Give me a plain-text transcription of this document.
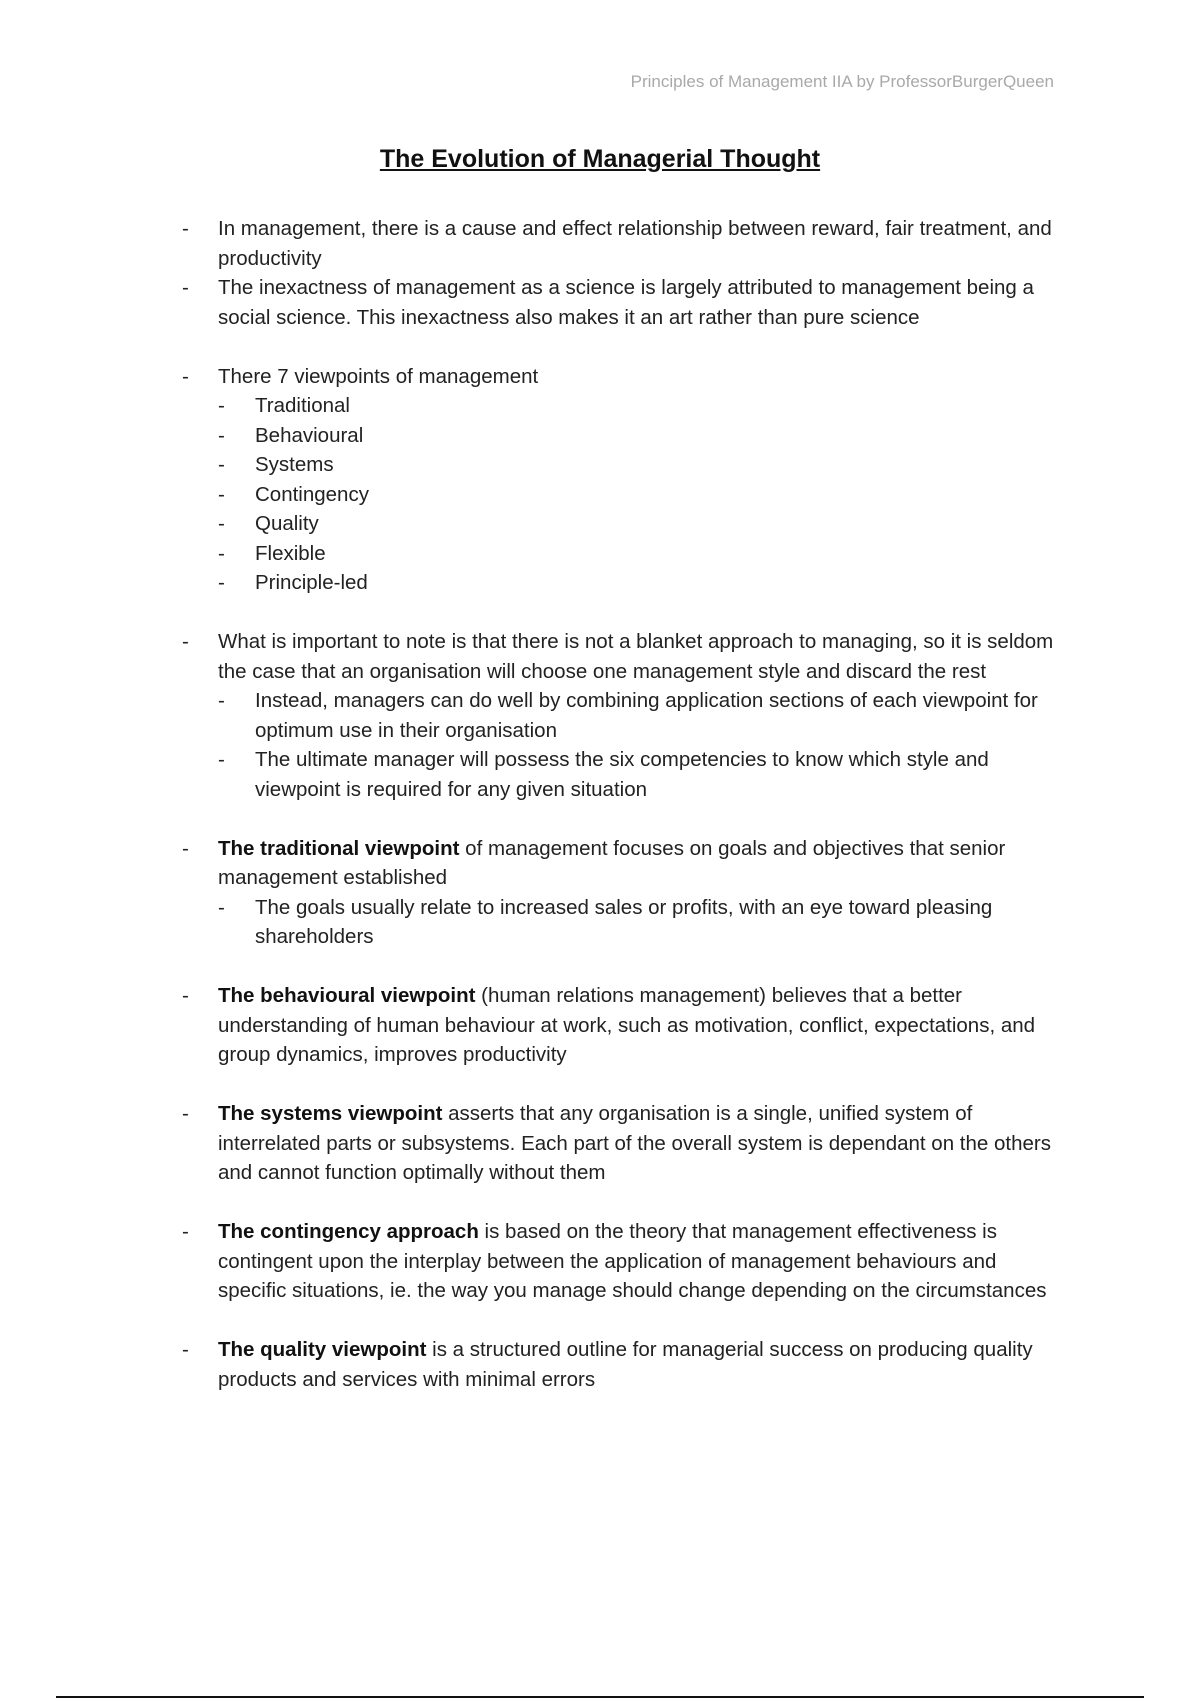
Principles of Management IIA by ProfessorBurgerQueen
The Evolution of Managerial Thought
- In management, there is a cause and effect relationship between reward, fair treatment, and productivity
- The inexactness of management as a science is largely attributed to management being a social science. This inexactness also makes it an art rather than pure science
- There 7 viewpoints of management
- Traditional
- Behavioural
- Systems
- Contingency
- Quality
- Flexible
- Principle-led
- What is important to note is that there is not a blanket approach to managing, so it is seldom the case that an organisation will choose one management style and discard the rest
- Instead, managers can do well by combining application sections of each viewpoint for optimum use in their organisation
- The ultimate manager will possess the six competencies to know which style and viewpoint is required for any given situation
- The traditional viewpoint of management focuses on goals and objectives that senior management established
- The goals usually relate to increased sales or profits, with an eye toward pleasing shareholders
- The behavioural viewpoint (human relations management) believes that a better understanding of human behaviour at work, such as motivation, conflict, expectations, and group dynamics, improves productivity
- The systems viewpoint asserts that any organisation is a single, unified system of interrelated parts or subsystems. Each part of the overall system is dependant on the others and cannot function optimally without them
- The contingency approach is based on the theory that management effectiveness is contingent upon the interplay between the application of management behaviours and specific situations, ie. the way you manage should change depending on the circumstances
- The quality viewpoint is a structured outline for managerial success on producing quality products and services with minimal errors
